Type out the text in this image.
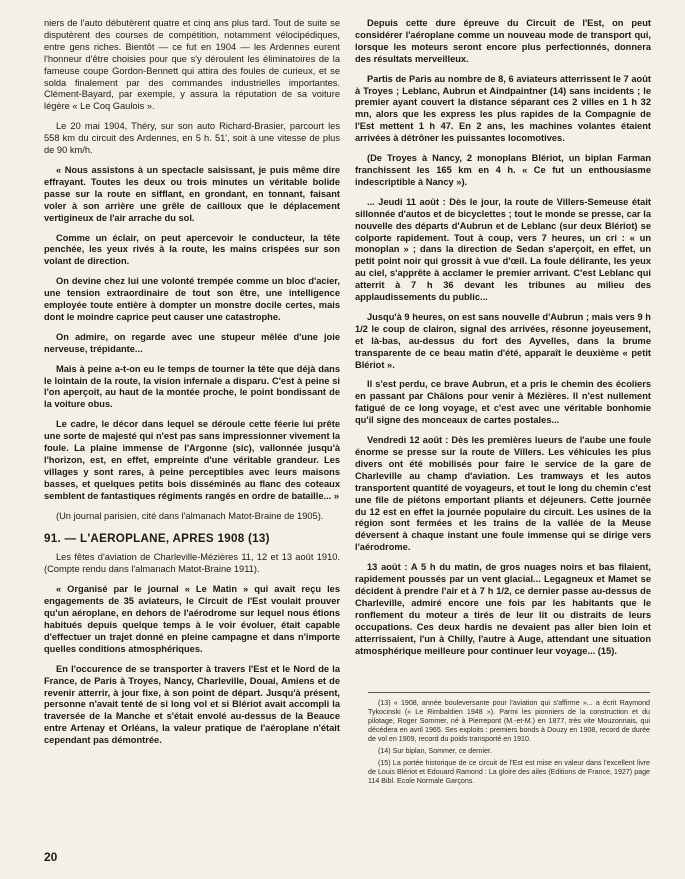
niers de l'auto débutèrent quatre et cinq ans plus tard. Tout de suite se disputèrent des courses de compétition, notamment vélocipédiques, entre gens riches. Bientôt — ce fut en 1904 — les Ardennes eurent l'honneur d'être choisies pour que s'y déroulent les éliminatoires de la fameuse coupe Gordon-Bennett qui attira des foules de curieux, et se solda finalement par des commandes industrielles importantes. Clément-Bayard, par exemple, y assura la réputation de sa voiture légère « Le Coq Gaulois ».

Le 20 mai 1904, Théry, sur son auto Richard-Brasier, parcourt les 558 km du circuit des Ardennes, en 5 h. 51', soit à une vitesse de plus de 90 km/h.

« Nous assistons à un spectacle saisissant, je puis même dire effrayant. Toutes les deux ou trois minutes un véritable bolide passe sur la route en sifflant, en grondant, en tonnant, faisant voler à son arrière une grêle de cailloux que le déplacement vertigineux de l'air arrache du sol.

Comme un éclair, on peut apercevoir le conducteur, la tête penchée, les yeux rivés à la route, les mains crispées sur son volant de direction.

On devine chez lui une volonté trempée comme un bloc d'acier, une tension extraordinaire de tout son être, une intelligence employée toute entière à dompter un monstre docile certes, mais dont le moindre caprice peut causer une catastrophe.

On admire, on regarde avec une stupeur mêlée d'une joie nerveuse, trépidante...

Mais à peine a-t-on eu le temps de tourner la tête que déjà dans le lointain de la route, la vision infernale a disparu. C'est à peine si l'on aperçoit, au haut de la montée proche, le point bondissant de la voiture obus.

Le cadre, le décor dans lequel se déroule cette féerie lui prête une sorte de majesté qui n'est pas sans impressionner vivement la foule. La plaine immense de l'Argonne (sic), vallonnée jusqu'à l'horizon, est, en effet, empreinte d'une véritable grandeur. Les villages y sont rares, à peine perceptibles avec leurs maisons basses, et quelques petits bois disséminés au flanc des coteaux semblent de fantastiques régiments rangés en ordre de bataille... »

(Un journal parisien, cité dans l'almanach Matot-Braine de 1905).

91. — L'AEROPLANE, APRES 1908 (13)

Les fêtes d'aviation de Charleville-Mézières 11, 12 et 13 août 1910. (Compte rendu dans l'almanach Matot-Braine 1911).

« Organisé par le journal « Le Matin » qui avait reçu les engagements de 35 aviateurs, le Circuit de l'Est voulait prouver qu'un aéroplane, en dehors de l'aérodrome sur lequel nous étions habitués depuis quelque temps à le voir évoluer, était capable d'effectuer un trajet donné en pleine campagne et dans n'importe quelles conditions atmosphériques.

En l'occurence de se transporter à travers l'Est et le Nord de la France, de Paris à Troyes, Nancy, Charleville, Douai, Amiens et de revenir atterrir, à jour fixe, à son point de départ. Jusqu'à présent, personne n'avait tenté de si long vol et si Blériot avait accompli la traversée de la Manche et s'était envolé au-dessus de la Beauce entre Artenay et Orléans, la valeur pratique de l'aéroplane n'était cependant pas démontrée.

Depuis cette dure épreuve du Circuit de l'Est, on peut considérer l'aéroplane comme un nouveau mode de transport qui, lorsque les moteurs seront encore plus perfectionnés, donnera des résultats merveilleux.

Partis de Paris au nombre de 8, 6 aviateurs atterrissent le 7 août à Troyes ; Leblanc, Aubrun et Aindpaintner (14) sans incidents ; le premier ayant couvert la distance séparant ces 2 villes en 1 h 32 mn, alors que les express les plus rapides de la Compagnie de l'Est mettent 1 h 47. En 2 ans, les machines volantes étaient arrivées à détrôner les puissantes locomotives.

(De Troyes à Nancy, 2 monoplans Blériot, un biplan Farman franchissent les 165 km en 4 h. « Ce fut un enthousiasme indescriptible à Nancy »).

... Jeudi 11 août : Dès le jour, la route de Villers-Semeuse était sillonnée d'autos et de bicyclettes ; tout le monde se presse, car la nouvelle des départs d'Aubrun et de Leblanc (sur deux Blériot) se colporte rapidement. Tout à coup, vers 7 heures, un cri : « un monoplan » ; dans la direction de Sedan s'aperçoit, en effet, un petit point noir qui grossit à vue d'œil. La foule délirante, les yeux au ciel, s'apprête à acclamer le premier arrivant. C'est Leblanc qui atterrit à 7 h 36 devant les tribunes au milieu des applaudissements du public...

Jusqu'à 9 heures, on est sans nouvelle d'Aubrun ; mais vers 9 h 1/2 le coup de clairon, signal des arrivées, résonne joyeusement, et là-bas, au-dessus du fort des Ayvelles, dans la brume transparente de ce beau matin d'été, apparaît le deuxième « petit Blériot ».

Il s'est perdu, ce brave Aubrun, et a pris le chemin des écoliers en passant par Châlons pour venir à Mézières. Il n'est nullement fatigué de ce long voyage, et c'est avec une véritable bonhomie qu'il signe des monceaux de cartes postales...

Vendredi 12 août : Dès les premières lueurs de l'aube une foule énorme se presse sur la route de Villers. Les véhicules les plus divers ont été mobilisés pour faire le service de la gare de Charleville au champ d'aviation. Les tramways et les autos transportent quantité de voyageurs, et tout le long du chemin c'est une file de piétons emportant pliants et déjeuners. Cette journée du 12 est en effet la journée populaire du circuit. Les usines de la région sont fermées et les trains de la vallée de la Meuse déversent à chaque instant une foule immense qui se dirige vers l'aérodrome.

13 août : A 5 h du matin, de gros nuages noirs et bas filaient, rapidement poussés par un vent glacial... Legagneux et Mamet se décident à prendre l'air et à 7 h 1/2, ce dernier passe au-dessus de Charleville, admiré encore une fois par les habitants que le ronflement du moteur a tirés de leur lit ou distraits de leurs occupations. Ces deux hardis ne devaient pas aller bien loin et atterrissaient, l'un à Chilly, l'autre à Auge, attendant une situation atmosphérique meilleure pour continuer leur voyage... (15).

(13) « 1908, année bouleversante pour l'aviation qui s'affirme »... a écrit Raymond Tykocinski (« Le Rimbaldien 1948 »). Parmi les pionniers de la construction et du pilotage, Roger Sommer, né à Pierrepont (M.-et-M.) en 1877, très vite Mouzonnais, qui décédera en avril 1965. Ses exploits : premiers bonds à Douzy en 1908, record de durée de vol en 1909, record du poids transporté en 1910.

(14) Sur biplan, Sommer, ce dernier.

(15) La portée historique de ce circuit de l'Est est mise en valeur dans l'excellent livre de Louis Blériot et Edouard Ramond : La gloire des ailes (Editions de France, 1927) page 114 Bibl. Ecole Normale Garçons.

20
